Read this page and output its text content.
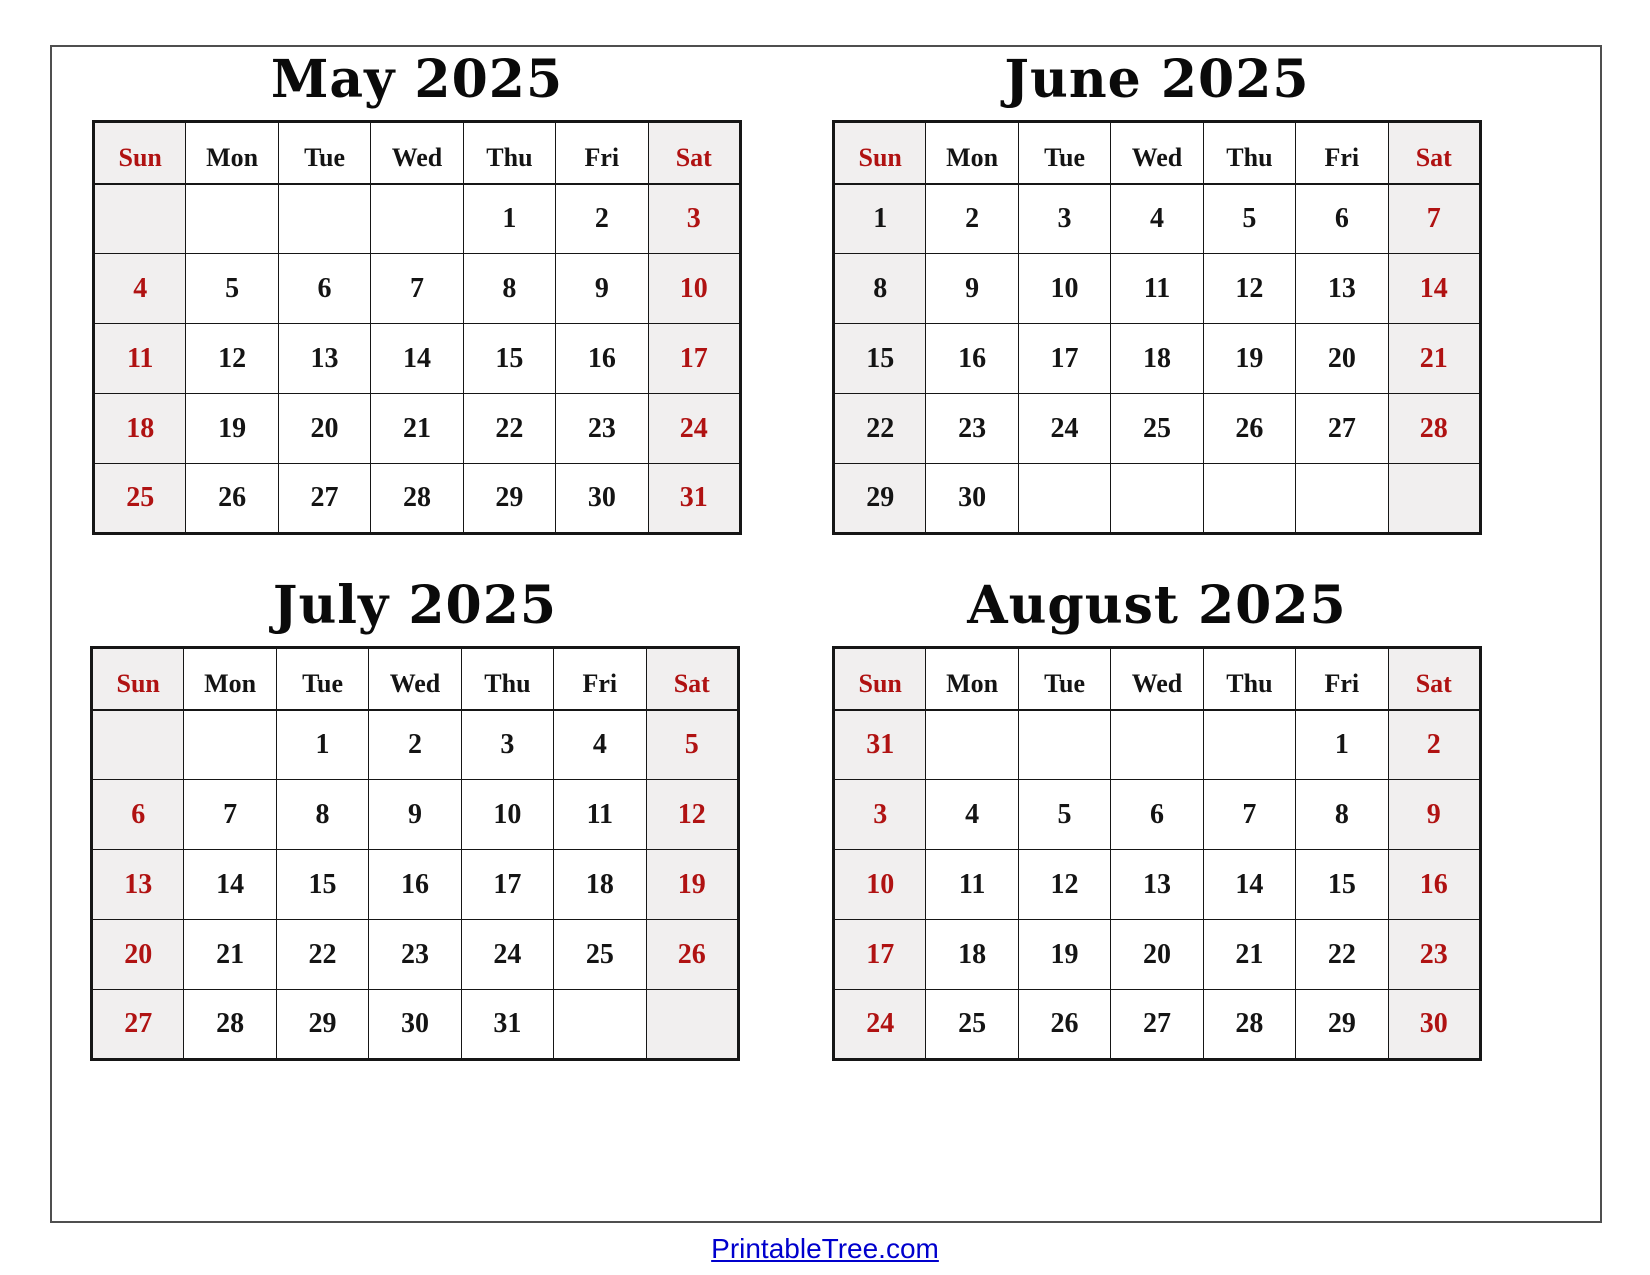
May 2025
Sun	Mon	Tue	Wed	Thu	Fri	Sat
				1	2	3
4	5	6	7	8	9	10
11	12	13	14	15	16	17
18	19	20	21	22	23	24
25	26	27	28	29	30	31
June 2025
Sun	Mon	Tue	Wed	Thu	Fri	Sat
1	2	3	4	5	6	7
8	9	10	11	12	13	14
15	16	17	18	19	20	21
22	23	24	25	26	27	28
29	30					
July 2025
Sun	Mon	Tue	Wed	Thu	Fri	Sat
		1	2	3	4	5
6	7	8	9	10	11	12
13	14	15	16	17	18	19
20	21	22	23	24	25	26
27	28	29	30	31		
August 2025
Sun	Mon	Tue	Wed	Thu	Fri	Sat
31					1	2
3	4	5	6	7	8	9
10	11	12	13	14	15	16
17	18	19	20	21	22	23
24	25	26	27	28	29	30
PrintableTree.com
